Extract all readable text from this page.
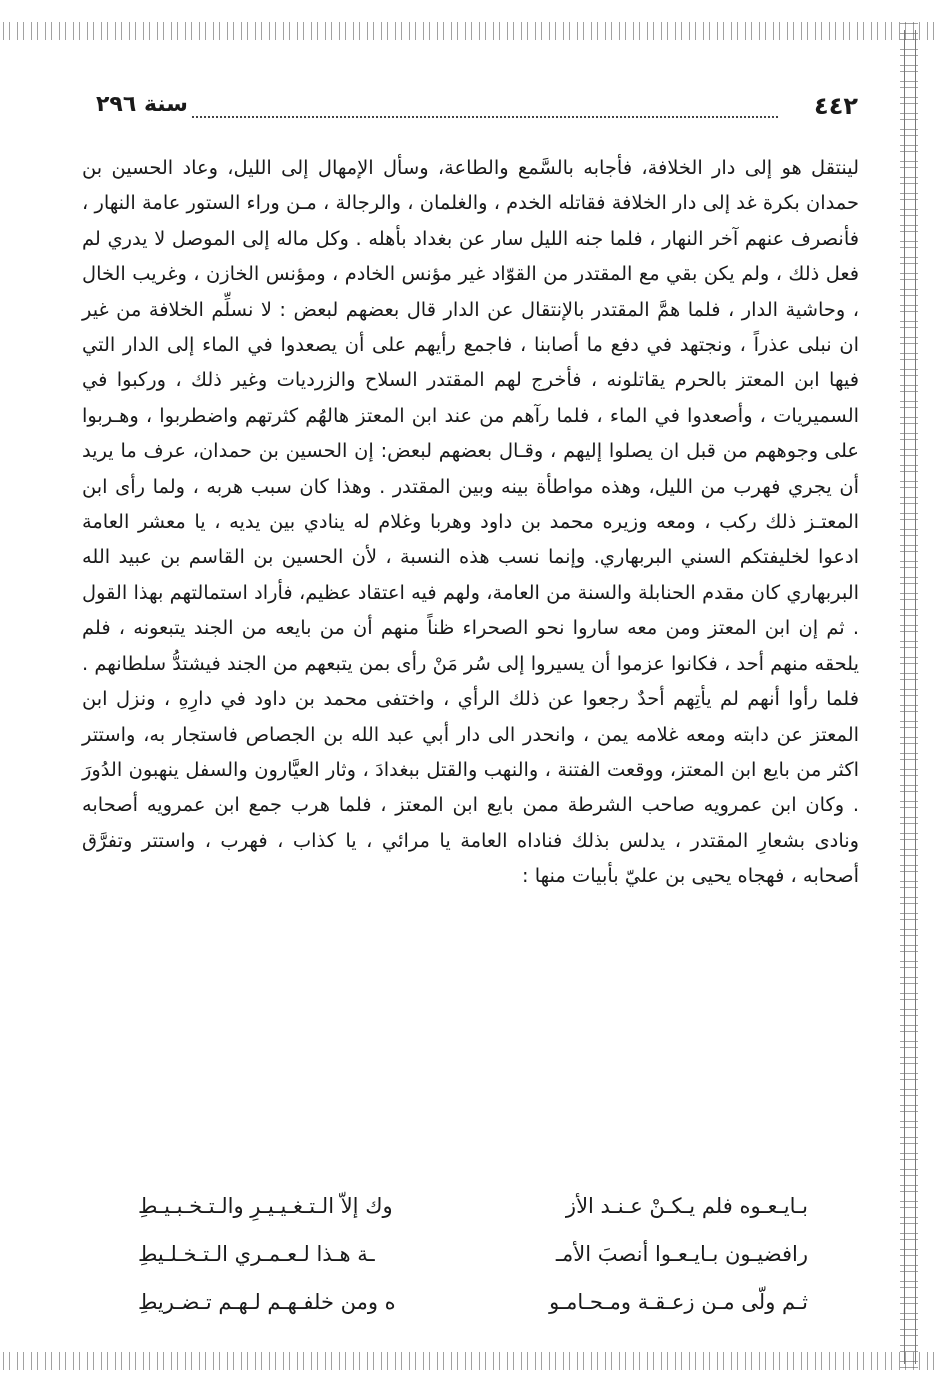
٤٤٢
سنة ٢٩٦

لينتقل هو إلى دار الخلافة، فأجابه بالسَّمع والطاعة، وسأل الإمهال إلى الليل، وعاد الحسين بن حمدان بكرة غد إلى دار الخلافة فقاتله الخدم ، والغلمان ، والرجالة ، مـن وراء الستور عامة النهار ، فأنصرف عنهم آخر النهار ، فلما جنه الليل سار عن بغداد بأهله . وكل ماله إلى الموصل لا يدري لم فعل ذلك ، ولم يكن بقي مع المقتدر من القوّاد غير مؤنس الخادم ، ومؤنس الخازن ، وغريب الخال ، وحاشية الدار ، فلما همَّ المقتدر بالإنتقال عن الدار قال بعضهم لبعض : لا نسلِّم الخلافة من غير ان نبلى عذراً ، ونجتهد في دفع ما أصابنا ، فاجمع رأيهم على أن يصعدوا في الماء إلى الدار التي فيها ابن المعتز بالحرم يقاتلونه ، فأخرج لهم المقتدر السلاح والزرديات وغير ذلك ، وركبوا في السميريات ، وأصعدوا في الماء ، فلما رآهم من عند ابن المعتز هالهُم كثرتهم واضطربوا ، وهـربوا على وجوههم من قبل ان يصلوا إليهم ، وقـال بعضهم لبعض: إن الحسين بن حمدان، عرف ما يريد أن يجري فهرب من الليل، وهذه مواطأة بينه وبين المقتدر . وهذا كان سبب هربه ، ولما رأى ابن المعتـز ذلك ركب ، ومعه وزيره محمد بن داود وهربا وغلام له ينادي بين يديه ، يا معشر العامة ادعوا لخليفتكم السني البربهاري. وإنما نسب هذه النسبة ، لأن الحسين بن القاسم بن عبيد الله البربهاري كان مقدم الحنابلة والسنة من العامة، ولهم فيه اعتقاد عظيم، فأراد استمالتهم بهذا القول . ثم إن ابن المعتز ومن معه ساروا نحو الصحراء ظناً منهم أن من بايعه من الجند يتبعونه ، فلم يلحقه منهم أحد ، فكانوا عزموا أن يسيروا إلى سُر مَنْ رأى بمن يتبعهم من الجند فيشتدُّ سلطانهم . فلما رأوا أنهم لم يأتِهم أحدٌ رجعوا عن ذلك الرأي ، واختفى محمد بن داود في دارِهِ ، ونزل ابن المعتز عن دابته ومعه غلامه يمن ، وانحدر الى دار أبي عبد الله بن الجصاص فاستجار به، واستتر اكثر من بايع ابن المعتز، ووقعت الفتنة ، والنهب والقتل ببغدادَ ، وثار العيَّارون والسفل ينهبون الدُورَ . وكان ابن عمرويه صاحب الشرطة ممن بايع ابن المعتز ، فلما هرب جمع ابن عمرويه أصحابه ونادى بشعارِ المقتدر ، يدلس بذلك فناداه العامة يا مرائي ، يا كذاب ، فهرب ، واستتر وتفرَّق أصحابه ، فهجاه يحيى بن عليّ بأبيات منها :

بـايـعـوه فلم يـكـنْ عـنـد الأز
وك إلاّ الـتـغـيـيـرِ والـتـخـبـيـطِ
رافضيـون بـايـعـوا أنصبَ الأمـ
ـة هـذا لـعـمـري الـتـخـلـيطِ
ثـم ولّى مـن زعـقـة ومـحـامـو
ه ومن خلفـهـم لـهـم تـضـريطِ
